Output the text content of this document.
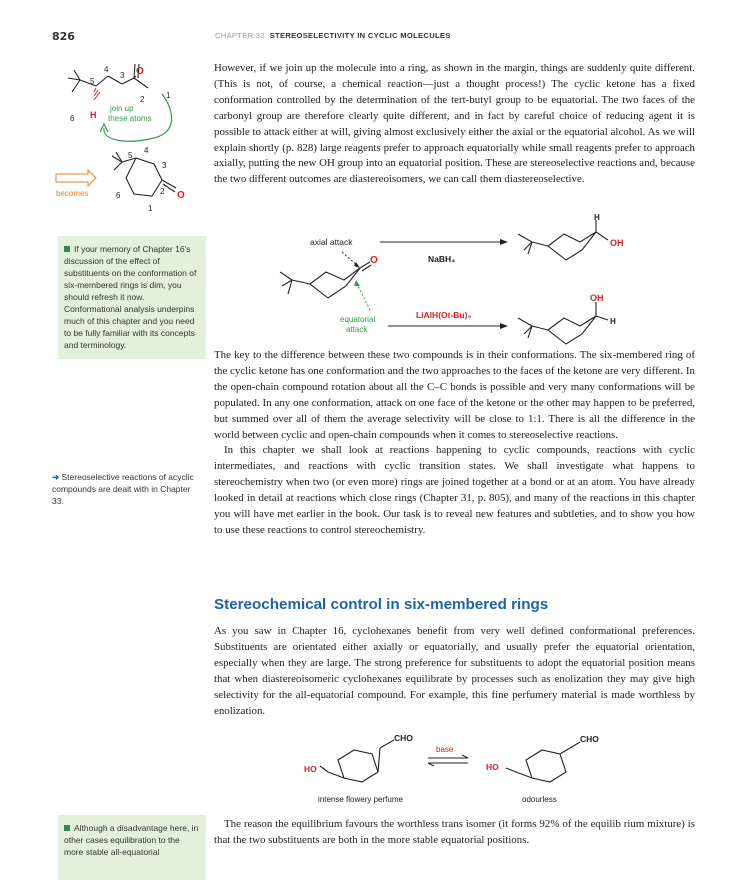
826	CHAPTER 32 STEREOSELECTIVITY IN CYCLIC MOLECULES
6 H
O
5
4
3
2	1
join up
these atoms
becomes	O
5
4
3
2
6
1

However, if we join up the molecule into a ring, as shown in the margin, things are suddenly quite different. (This is not, of course, a chemical reaction—just a thought process!) The cyclic ketone has a fixed conformation controlled by the determination of the tert-butyl group to be equatorial. The two faces of the carbonyl group are therefore clearly quite different, and in fact by careful choice of reducing agent it is possible to attack either at will, giving almost exclusively either the axial or the equatorial alcohol. As we will explain shortly (p. 828) large reagents prefer to approach equatorially while small reagents prefer to approach axially, putting the new OH group into an equatorial position. These are stereoselective reactions and, because the two different outcomes are diastereoisomers, we can call them diastereoselective.

If your memory of Chapter 16’s discussion of the effect of substituents on the conformation of six-membered rings is dim, you should refresh it now. Conformational analysis underpins much of this chapter and you need to be fully familiar with its concepts and terminology.
axial attack
NaBH₄
O
equatorial
attack
LiAlH(Ot-Bu)₃
H
OH
OH
H

The key to the difference between these two compounds is in their conformations. The six-membered ring of the cyclic ketone has one conformation and the two approaches to the faces of the ketone are very different. In the open-chain compound rotation about all the C–C bonds is possible and very many conformations will be populated. In any one conformation, attack on one face of the ketone or the other may happen to be preferred, but summed over all of them the average selectivity will be close to 1:1. There is all the difference in the world between cyclic and open-chain compounds when it comes to stereoselective reactions.

In this chapter we shall look at reactions happening to cyclic compounds, reactions with cyclic intermediates, and reactions with cyclic transition states. We shall investigate what happens to stereochemistry when two (or even more) rings are joined together at a bond or at an atom. You have already looked in detail at reactions which close rings (Chapter 31, p. 805), and many of the reactions in this chapter you will have met earlier in the book. Our task is to reveal new features and subtleties, and to show you how to use these reactions to control stereochemistry.

➜ Stereoselective reactions of acyclic compounds are dealt with in Chapter 33.
Stereochemical control in six-membered rings

As you saw in Chapter 16, cyclohexanes benefit from very well defined conformational preferences. Substituents are orientated either axially or equatorially, and usually prefer the equatorial orientation, especially when they are large. The strong preference for substituents to adopt the equatorial position means that when diastereoisomeric cyclohexanes equilibrate by processes such as enolization they may give high selectivity for the all-equatorial compound. For example, this fine perfumery material is made worthless by enolization.

CHO
HO
base
CHO
HO
intense flowery perfume	odourless

The reason the equilibrium favours the worthless trans isomer (it forms 92% of the equilib rium mixture) is that the two substituents are both in the more stable equatorial positions.

Although a disadvantage here, in other cases equilibration to the more stable all-equatorial
